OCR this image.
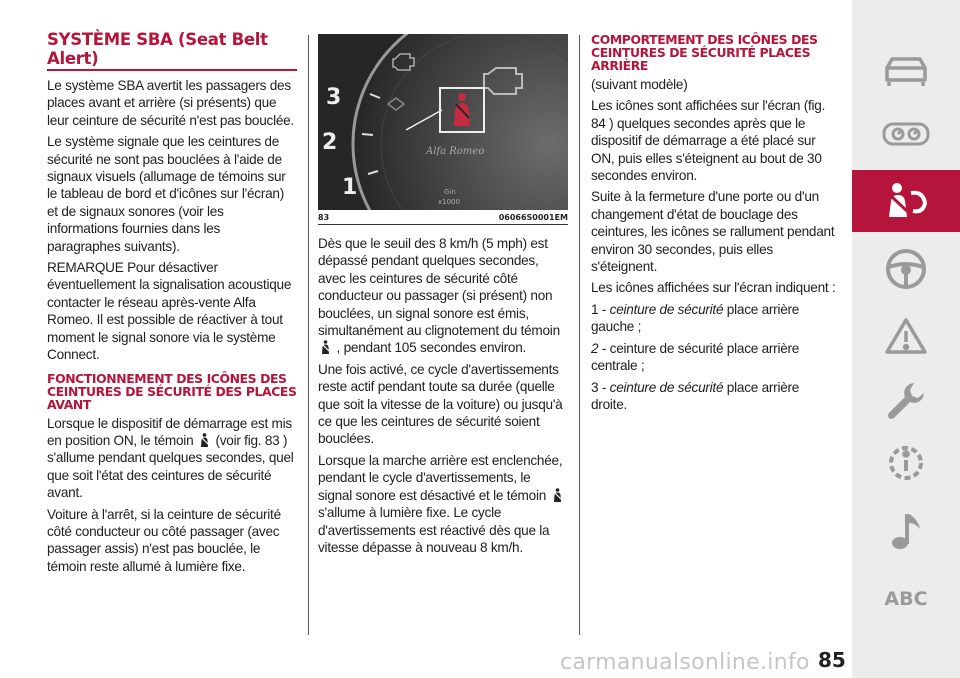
SYSTÈME SBA (Seat Belt Alert)

Le système SBA avertit les passagers des places avant et arrière (si présents) que leur ceinture de sécurité n'est pas bouclée.

Le système signale que les ceintures de sécurité ne sont pas bouclées à l'aide de signaux visuels (allumage de témoins sur le tableau de bord et d'icônes sur l'écran) et de signaux sonores (voir les informations fournies dans les paragraphes suivants).

REMARQUE Pour désactiver éventuellement la signalisation acoustique contacter le réseau après-vente Alfa Romeo. Il est possible de réactiver à tout moment le signal sonore via le système Connect.

FONCTIONNEMENT DES ICÔNES DES CEINTURES DE SÉCURITÉ DES PLACES AVANT

Lorsque le dispositif de démarrage est mis en position ON, le témoin (voir fig. 83 ) s'allume pendant quelques secondes, quel que soit l'état des ceintures de sécurité avant.

Voiture à l'arrêt, si la ceinture de sécurité côté conducteur ou côté passager (avec passager assis) n'est pas bouclée, le témoin reste allumé à lumière fixe.

3
2
1
Alfa Romeo
Gin
x1000
83	06066S0001EM

Dès que le seuil des 8 km/h (5 mph) est dépassé pendant quelques secondes, avec les ceintures de sécurité côté conducteur ou passager (si présent) non bouclées, un signal sonore est émis, simultanément au clignotement du témoin  , pendant 105 secondes environ.

Une fois activé, ce cycle d'avertissements reste actif pendant toute sa durée (quelle que soit la vitesse de la voiture) ou jusqu'à ce que les ceintures de sécurité soient bouclées.

Lorsque la marche arrière est enclenchée, pendant le cycle d'avertissements, le signal sonore est désactivé et le témoin  s'allume à lumière fixe. Le cycle d'avertissements est réactivé dès que la vitesse dépasse à nouveau 8 km/h.

COMPORTEMENT DES ICÔNES DES CEINTURES DE SÉCURITÉ PLACES ARRIÈRE

(suivant modèle)

Les icônes sont affichées sur l'écran (fig. 84 ) quelques secondes après que le dispositif de démarrage a été placé sur ON, puis elles s'éteignent au bout de 30 secondes environ.

Suite à la fermeture d'une porte ou d'un changement d'état de bouclage des ceintures, les icônes se rallument pendant environ 30 secondes, puis elles s'éteignent.

Les icônes affichées sur l'écran indiquent :

1 - ceinture de sécurité place arrière gauche ;

2 - ceinture de sécurité place arrière centrale ;

3 - ceinture de sécurité place arrière droite.

carmanualsonline.info 85
ABC
